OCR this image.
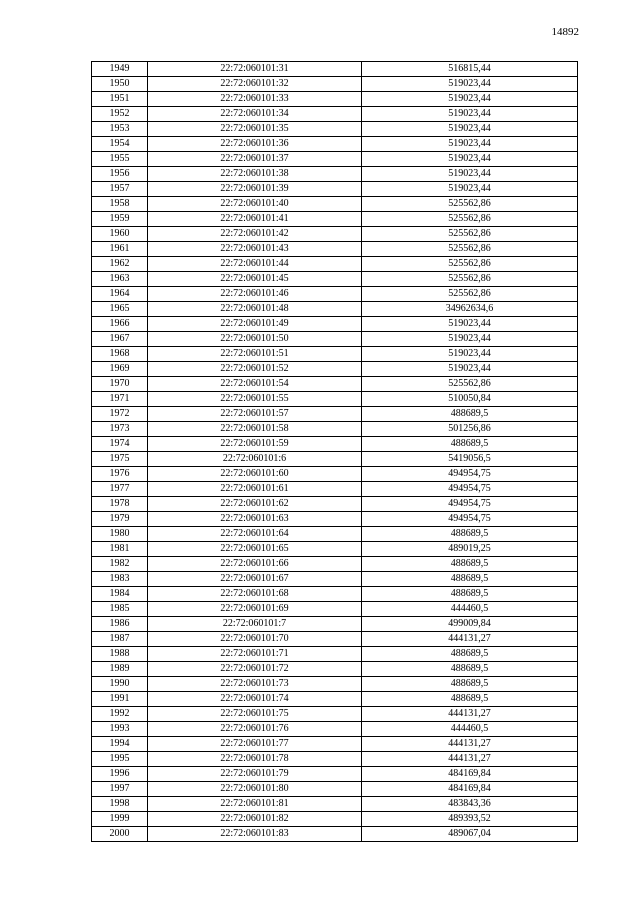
14892
1949	22:72:060101:31	516815,44
1950	22:72:060101:32	519023,44
1951	22:72:060101:33	519023,44
1952	22:72:060101:34	519023,44
1953	22:72:060101:35	519023,44
1954	22:72:060101:36	519023,44
1955	22:72:060101:37	519023,44
1956	22:72:060101:38	519023,44
1957	22:72:060101:39	519023,44
1958	22:72:060101:40	525562,86
1959	22:72:060101:41	525562,86
1960	22:72:060101:42	525562,86
1961	22:72:060101:43	525562,86
1962	22:72:060101:44	525562,86
1963	22:72:060101:45	525562,86
1964	22:72:060101:46	525562,86
1965	22:72:060101:48	34962634,6
1966	22:72:060101:49	519023,44
1967	22:72:060101:50	519023,44
1968	22:72:060101:51	519023,44
1969	22:72:060101:52	519023,44
1970	22:72:060101:54	525562,86
1971	22:72:060101:55	510050,84
1972	22:72:060101:57	488689,5
1973	22:72:060101:58	501256,86
1974	22:72:060101:59	488689,5
1975	22:72:060101:6	5419056,5
1976	22:72:060101:60	494954,75
1977	22:72:060101:61	494954,75
1978	22:72:060101:62	494954,75
1979	22:72:060101:63	494954,75
1980	22:72:060101:64	488689,5
1981	22:72:060101:65	489019,25
1982	22:72:060101:66	488689,5
1983	22:72:060101:67	488689,5
1984	22:72:060101:68	488689,5
1985	22:72:060101:69	444460,5
1986	22:72:060101:7	499009,84
1987	22:72:060101:70	444131,27
1988	22:72:060101:71	488689,5
1989	22:72:060101:72	488689,5
1990	22:72:060101:73	488689,5
1991	22:72:060101:74	488689,5
1992	22:72:060101:75	444131,27
1993	22:72:060101:76	444460,5
1994	22:72:060101:77	444131,27
1995	22:72:060101:78	444131,27
1996	22:72:060101:79	484169,84
1997	22:72:060101:80	484169,84
1998	22:72:060101:81	483843,36
1999	22:72:060101:82	489393,52
2000	22:72:060101:83	489067,04
